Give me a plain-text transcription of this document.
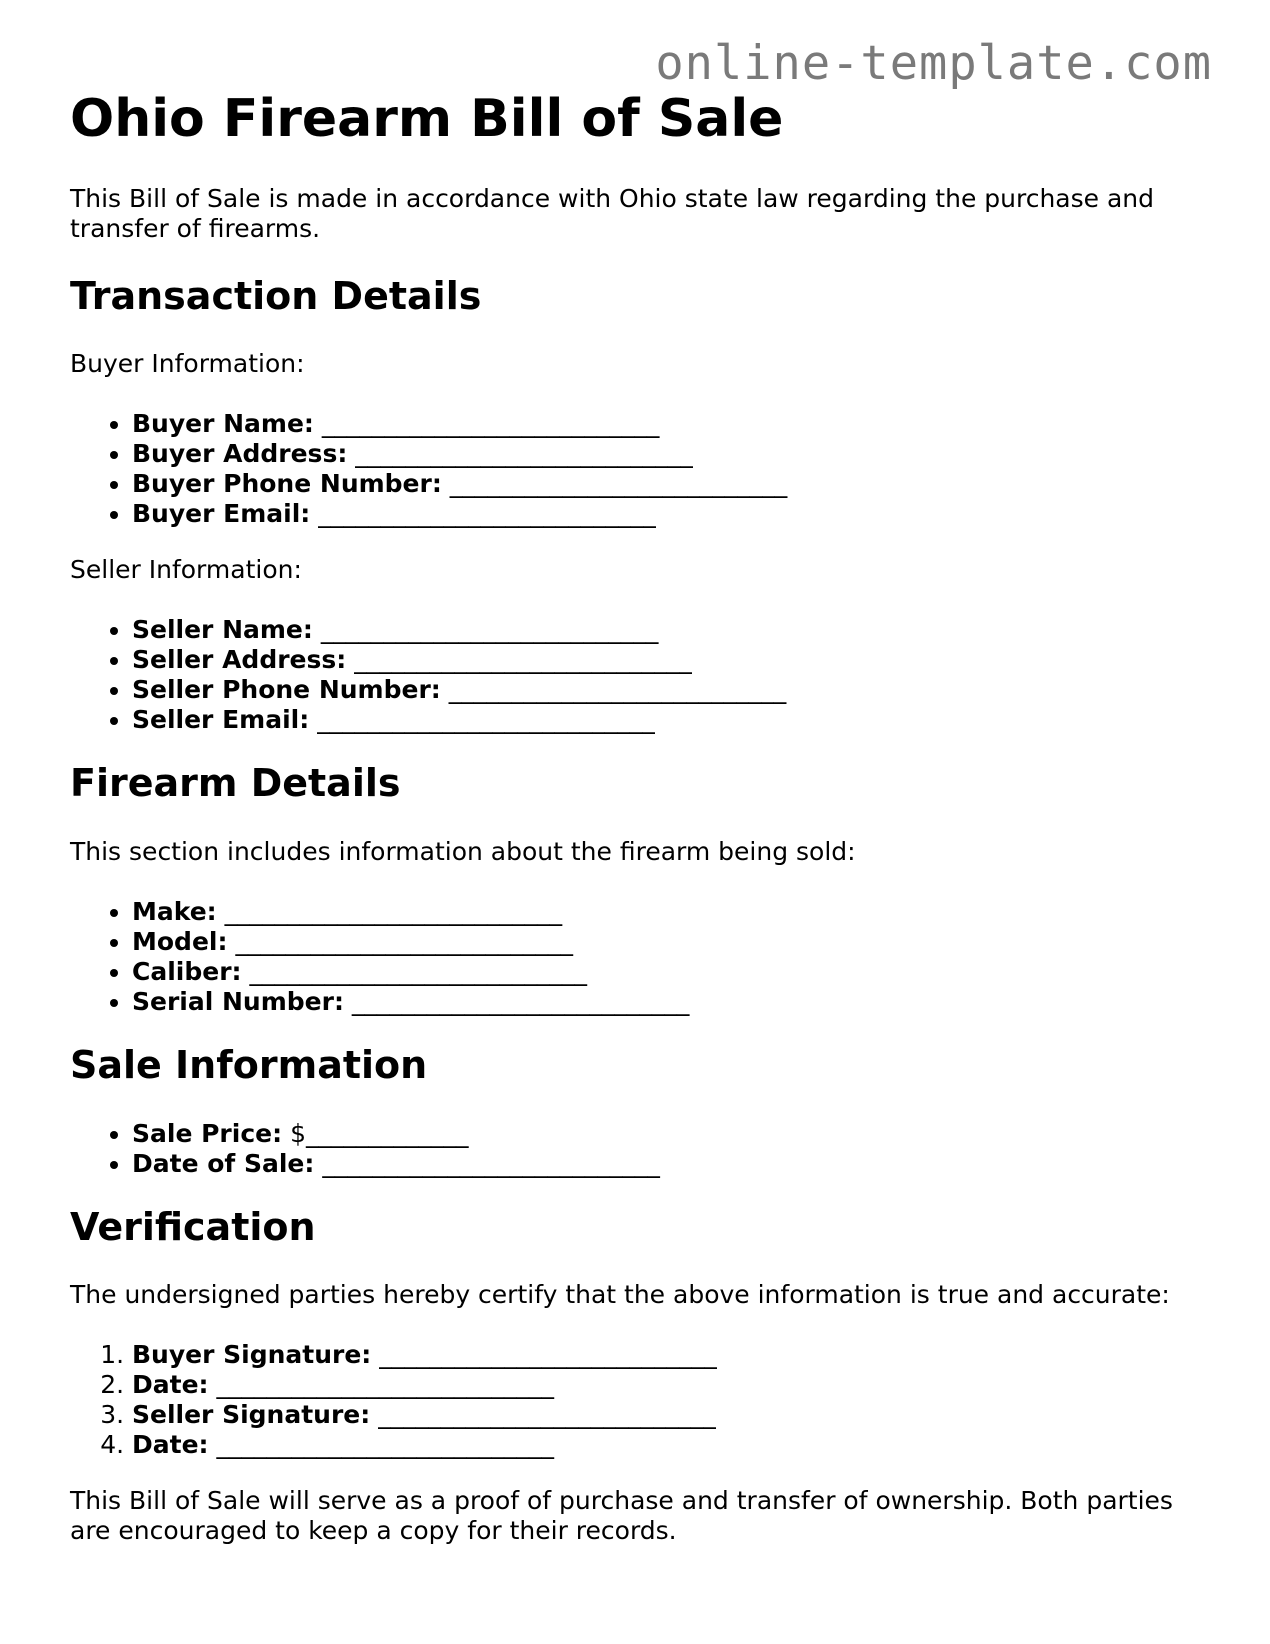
online-template.com
Ohio Firearm Bill of Sale

This Bill of Sale is made in accordance with Ohio state law regarding the purchase and transfer of firearms.

Transaction Details

Buyer Information:

• Buyer Name: ___________________________
• Buyer Address: ___________________________
• Buyer Phone Number: ___________________________
• Buyer Email: ___________________________

Seller Information:

• Seller Name: ___________________________
• Seller Address: ___________________________
• Seller Phone Number: ___________________________
• Seller Email: ___________________________
Firearm Details

This section includes information about the firearm being sold:

• Make: ___________________________
• Model: ___________________________
• Caliber: ___________________________
• Serial Number: ___________________________
Sale Information
• Sale Price: $_____________
• Date of Sale: ___________________________
Verification

The undersigned parties hereby certify that the above information is true and accurate:

1. Buyer Signature: ___________________________
2. Date: ___________________________
3. Seller Signature: ___________________________
4. Date: ___________________________

This Bill of Sale will serve as a proof of purchase and transfer of ownership. Both parties are encouraged to keep a copy for their records.
